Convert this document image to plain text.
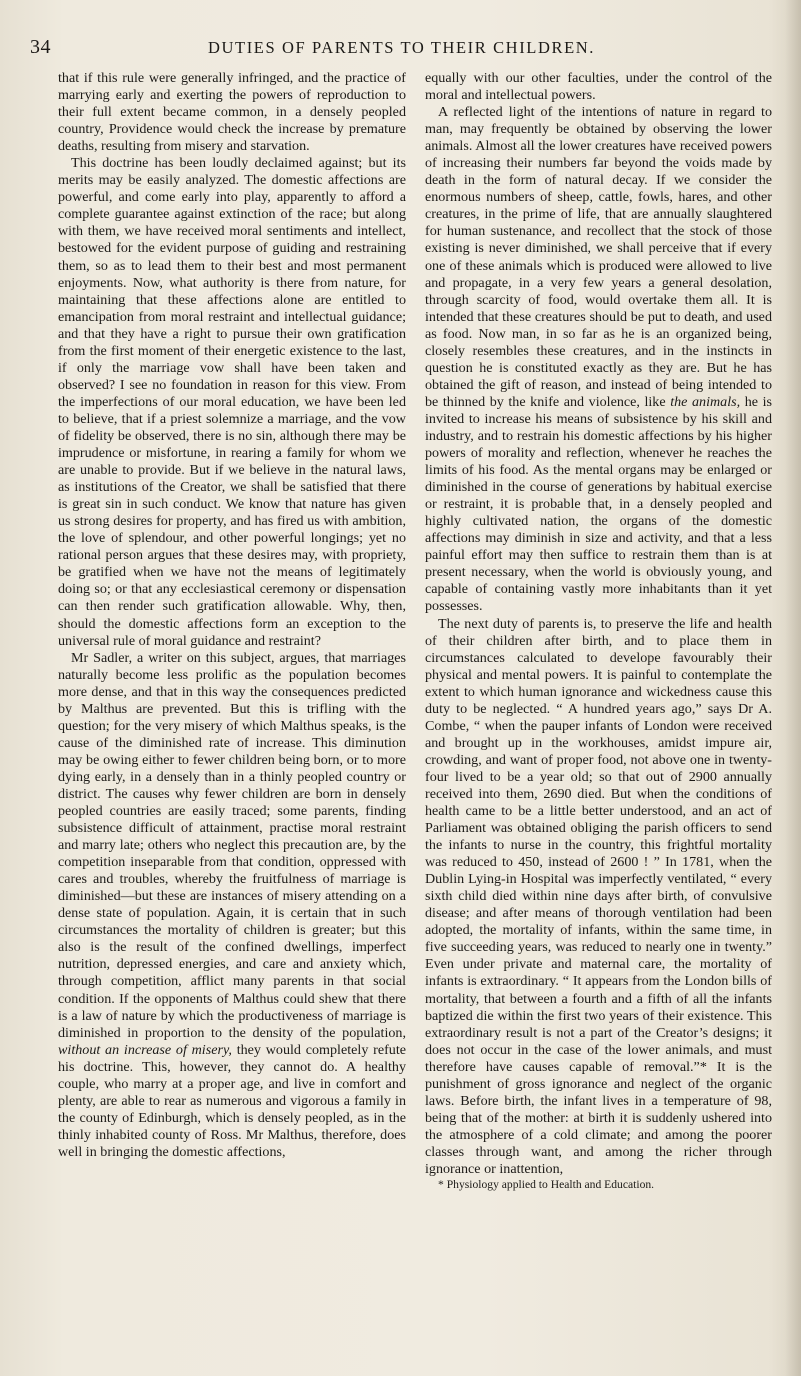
34	DUTIES OF PARENTS TO THEIR CHILDREN.

that if this rule were generally infringed, and the practice of marrying early and exerting the powers of reproduction to their full extent became common, in a densely peopled country, Providence would check the increase by premature deaths, resulting from misery and starvation.

This doctrine has been loudly declaimed against; but its merits may be easily analyzed. The domestic affections are powerful, and come early into play, apparently to afford a complete guarantee against extinction of the race; but along with them, we have received moral sentiments and intellect, bestowed for the evident purpose of guiding and restraining them, so as to lead them to their best and most permanent enjoyments. Now, what authority is there from nature, for maintaining that these affections alone are entitled to emancipation from moral restraint and intellectual guidance; and that they have a right to pursue their own gratification from the first moment of their energetic existence to the last, if only the marriage vow shall have been taken and observed? I see no foundation in reason for this view. From the imperfections of our moral education, we have been led to believe, that if a priest solemnize a marriage, and the vow of fidelity be observed, there is no sin, although there may be imprudence or misfortune, in rearing a family for whom we are unable to provide. But if we believe in the natural laws, as institutions of the Creator, we shall be satisfied that there is great sin in such conduct. We know that nature has given us strong desires for property, and has fired us with ambition, the love of splendour, and other powerful longings; yet no rational person argues that these desires may, with propriety, be gratified when we have not the means of legitimately doing so; or that any ecclesiastical ceremony or dispensation can then render such gratification allowable. Why, then, should the domestic affections form an exception to the universal rule of moral guidance and restraint?

Mr Sadler, a writer on this subject, argues, that marriages naturally become less prolific as the population becomes more dense, and that in this way the consequences predicted by Malthus are prevented. But this is trifling with the question; for the very misery of which Malthus speaks, is the cause of the diminished rate of increase. This diminution may be owing either to fewer children being born, or to more dying early, in a densely than in a thinly peopled country or district. The causes why fewer children are born in densely peopled countries are easily traced; some parents, finding subsistence difficult of attainment, practise moral restraint and marry late; others who neglect this precaution are, by the competition inseparable from that condition, oppressed with cares and troubles, whereby the fruitfulness of marriage is diminished—but these are instances of misery attending on a dense state of population. Again, it is certain that in such circumstances the mortality of children is greater; but this also is the result of the confined dwellings, imperfect nutrition, depressed energies, and care and anxiety which, through competition, afflict many parents in that social condition. If the opponents of Malthus could shew that there is a law of nature by which the productiveness of marriage is diminished in proportion to the density of the population, without an increase of misery, they would completely refute his doctrine. This, however, they cannot do. A healthy couple, who marry at a proper age, and live in comfort and plenty, are able to rear as numerous and vigorous a family in the county of Edinburgh, which is densely peopled, as in the thinly inhabited county of Ross. Mr Malthus, therefore, does well in bringing the domestic affections,

equally with our other faculties, under the control of the moral and intellectual powers.

A reflected light of the intentions of nature in regard to man, may frequently be obtained by observing the lower animals. Almost all the lower creatures have received powers of increasing their numbers far beyond the voids made by death in the form of natural decay. If we consider the enormous numbers of sheep, cattle, fowls, hares, and other creatures, in the prime of life, that are annually slaughtered for human sustenance, and recollect that the stock of those existing is never diminished, we shall perceive that if every one of these animals which is produced were allowed to live and propagate, in a very few years a general desolation, through scarcity of food, would overtake them all. It is intended that these creatures should be put to death, and used as food. Now man, in so far as he is an organized being, closely resembles these creatures, and in the instincts in question he is constituted exactly as they are. But he has obtained the gift of reason, and instead of being intended to be thinned by the knife and violence, like the animals, he is invited to increase his means of subsistence by his skill and industry, and to restrain his domestic affections by his higher powers of morality and reflection, whenever he reaches the limits of his food. As the mental organs may be enlarged or diminished in the course of generations by habitual exercise or restraint, it is probable that, in a densely peopled and highly cultivated nation, the organs of the domestic affections may diminish in size and activity, and that a less painful effort may then suffice to restrain them than is at present necessary, when the world is obviously young, and capable of containing vastly more inhabitants than it yet possesses.

The next duty of parents is, to preserve the life and health of their children after birth, and to place them in circumstances calculated to develope favourably their physical and mental powers. It is painful to contemplate the extent to which human ignorance and wickedness cause this duty to be neglected. “ A hundred years ago,” says Dr A. Combe, “ when the pauper infants of London were received and brought up in the workhouses, amidst impure air, crowding, and want of proper food, not above one in twenty-four lived to be a year old; so that out of 2900 annually received into them, 2690 died. But when the conditions of health came to be a little better understood, and an act of Parliament was obtained obliging the parish officers to send the infants to nurse in the country, this frightful mortality was reduced to 450, instead of 2600 ! ” In 1781, when the Dublin Lying-in Hospital was imperfectly ventilated, “ every sixth child died within nine days after birth, of convulsive disease; and after means of thorough ventilation had been adopted, the mortality of infants, within the same time, in five succeeding years, was reduced to nearly one in twenty.” Even under private and maternal care, the mortality of infants is extraordinary. “ It appears from the London bills of mortality, that between a fourth and a fifth of all the infants baptized die within the first two years of their existence. This extraordinary result is not a part of the Creator’s designs; it does not occur in the case of the lower animals, and must therefore have causes capable of removal.”* It is the punishment of gross ignorance and neglect of the organic laws. Before birth, the infant lives in a temperature of 98, being that of the mother: at birth it is suddenly ushered into the atmosphere of a cold climate; and among the poorer classes through want, and among the richer through ignorance or inattention,

* Physiology applied to Health and Education.
